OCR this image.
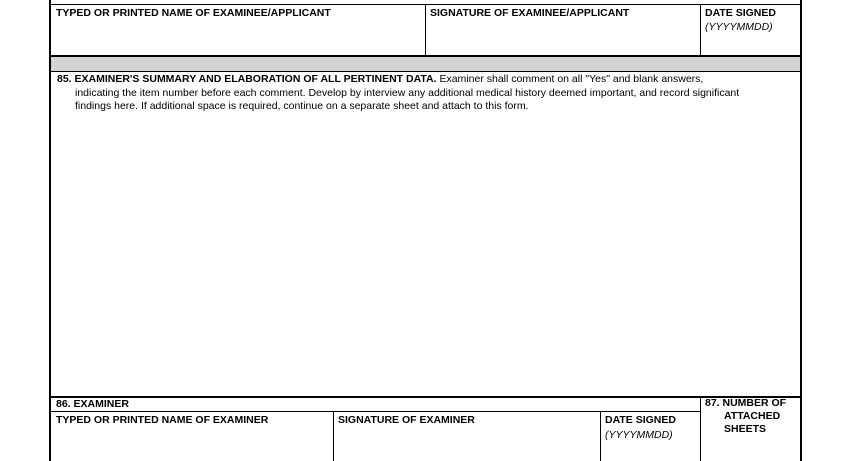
TYPED OR PRINTED NAME OF EXAMINEE/APPLICANT	SIGNATURE OF EXAMINEE/APPLICANT	DATE SIGNED
(YYYYMMDD)
85. EXAMINER'S SUMMARY AND ELABORATION OF ALL PERTINENT DATA. Examiner shall comment on all "Yes" and blank answers,
indicating the item number before each comment. Develop by interview any additional medical history deemed important, and record significant
findings here. If additional space is required, continue on a separate sheet and attach to this form.
86. EXAMINER
TYPED OR PRINTED NAME OF EXAMINER	SIGNATURE OF EXAMINER	DATE SIGNED
(YYYYMMDD)
87. NUMBER OF
ATTACHED
SHEETS
